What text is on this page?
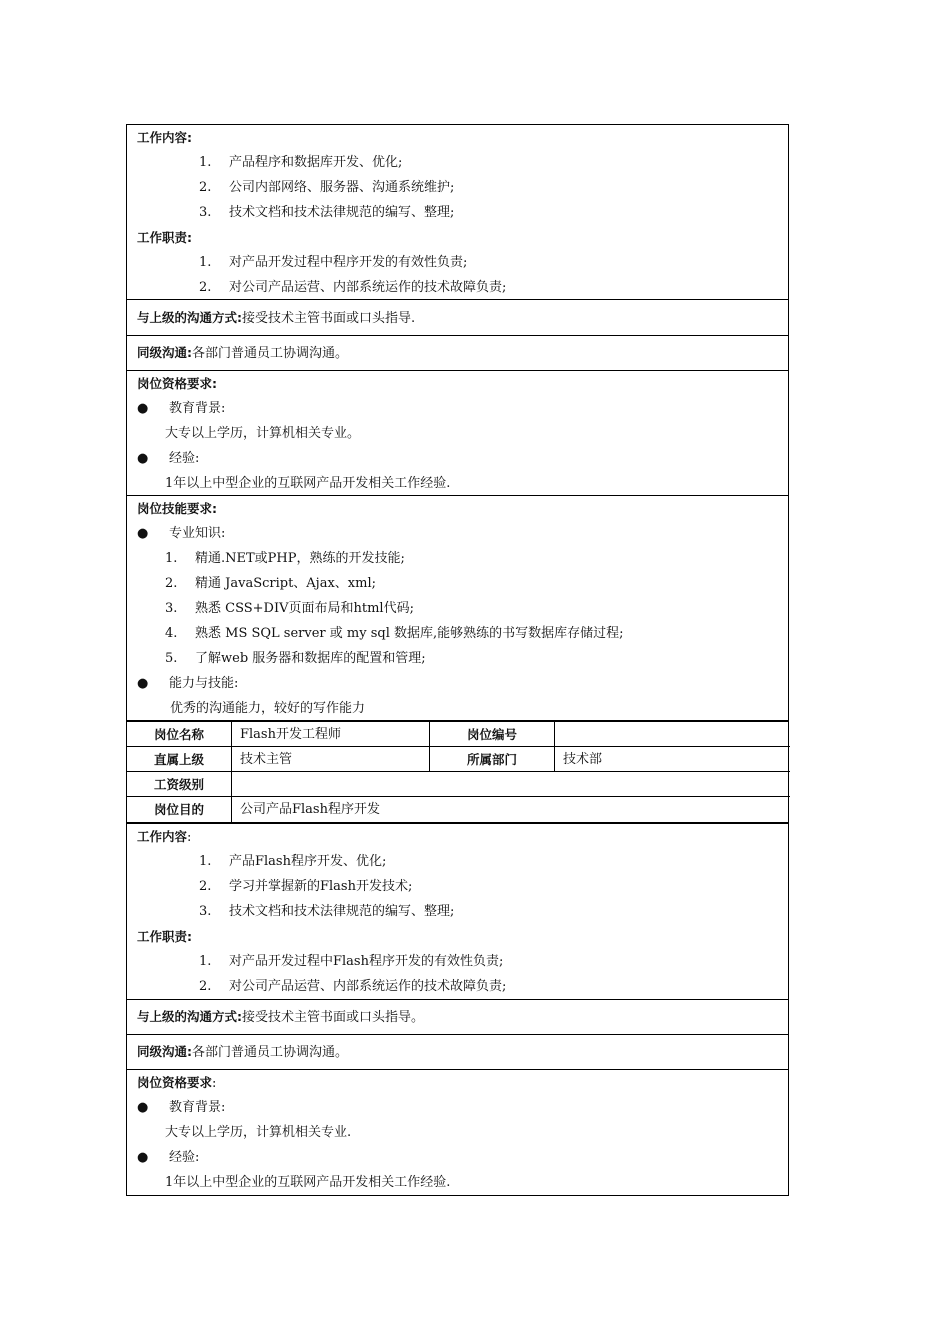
工作内容:
1. 产品程序和数据库开发、优化;
2. 公司内部网络、服务器、沟通系统维护;
3. 技术文档和技术法律规范的编写、整理;
工作职责:
1. 对产品开发过程中程序开发的有效性负责;
2. 对公司产品运营、内部系统运作的技术故障负责;
与上级的沟通方式:接受技术主管书面或口头指导.
同级沟通:各部门普通员工协调沟通。
岗位资格要求:
● 教育背景:
大专以上学历，计算机相关专业。
● 经验:
1年以上中型企业的互联网产品开发相关工作经验.
岗位技能要求:
● 专业知识:
1. 精通.NET或PHP，熟练的开发技能;
2. 精通 JavaScript、Ajax、xml;
3. 熟悉 CSS+DIV页面布局和html代码;
4. 熟悉 MS SQL server 或 my sql 数据库,能够熟练的书写数据库存储过程;
5. 了解web 服务器和数据库的配置和管理;
● 能力与技能:
优秀的沟通能力，较好的写作能力
岗位名称	Flash开发工程师	岗位编号
直属上级	技术主管	所属部门	技术部
工资级别
岗位目的	公司产品Flash程序开发
工作内容:
1. 产品Flash程序开发、优化;
2. 学习并掌握新的Flash开发技术;
3. 技术文档和技术法律规范的编写、整理;
工作职责:
1. 对产品开发过程中Flash程序开发的有效性负责;
2. 对公司产品运营、内部系统运作的技术故障负责;
与上级的沟通方式:接受技术主管书面或口头指导。
同级沟通:各部门普通员工协调沟通。
岗位资格要求:
● 教育背景:
大专以上学历，计算机相关专业.
● 经验:
1年以上中型企业的互联网产品开发相关工作经验.
